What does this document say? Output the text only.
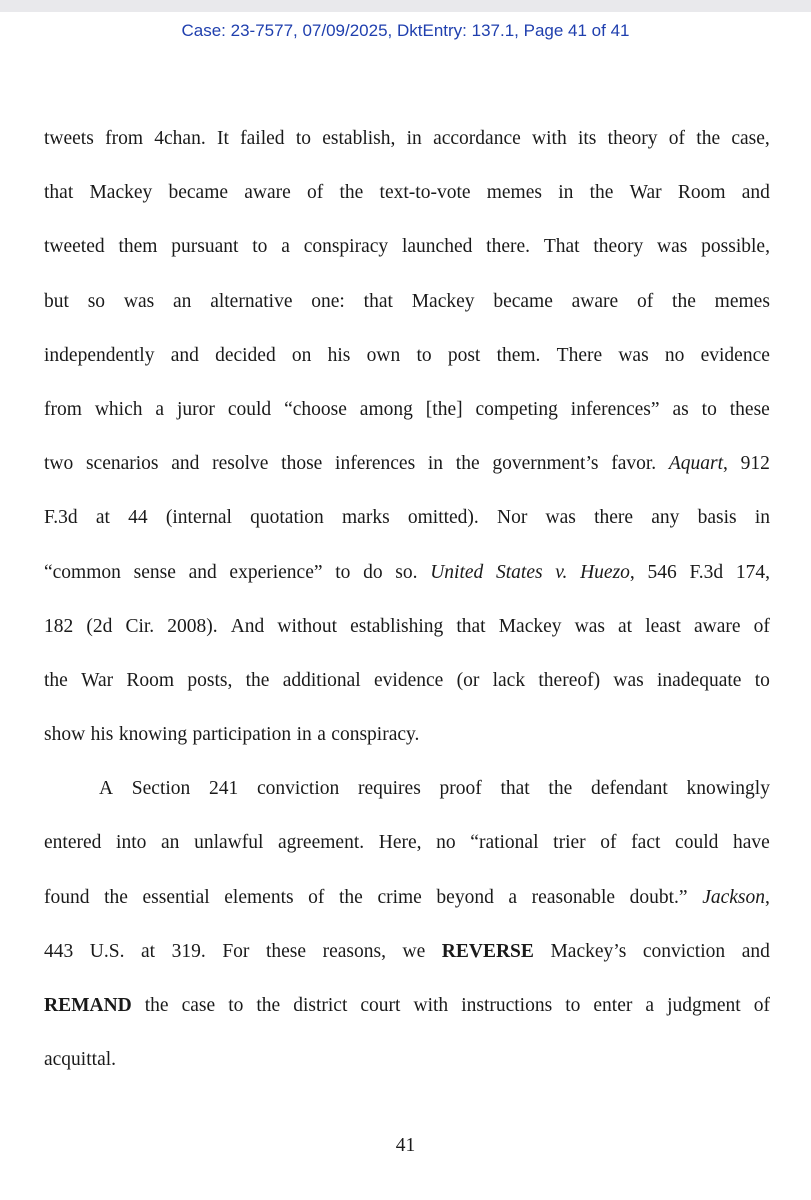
Case: 23-7577, 07/09/2025, DktEntry: 137.1, Page 41 of 41
tweets from 4chan. It failed to establish, in accordance with its theory of the case,
that Mackey became aware of the text-to-vote memes in the War Room and
tweeted them pursuant to a conspiracy launched there. That theory was possible,
but so was an alternative one: that Mackey became aware of the memes
independently and decided on his own to post them. There was no evidence
from which a juror could “choose among [the] competing inferences” as to these
two scenarios and resolve those inferences in the government’s favor. Aquart, 912
F.3d at 44 (internal quotation marks omitted). Nor was there any basis in
“common sense and experience” to do so. United States v. Huezo, 546 F.3d 174,
182 (2d Cir. 2008). And without establishing that Mackey was at least aware of
the War Room posts, the additional evidence (or lack thereof) was inadequate to
show his knowing participation in a conspiracy.
A Section 241 conviction requires proof that the defendant knowingly
entered into an unlawful agreement. Here, no “rational trier of fact could have
found the essential elements of the crime beyond a reasonable doubt.” Jackson,
443 U.S. at 319. For these reasons, we REVERSE Mackey’s conviction and
REMAND the case to the district court with instructions to enter a judgment of
acquittal.
41
